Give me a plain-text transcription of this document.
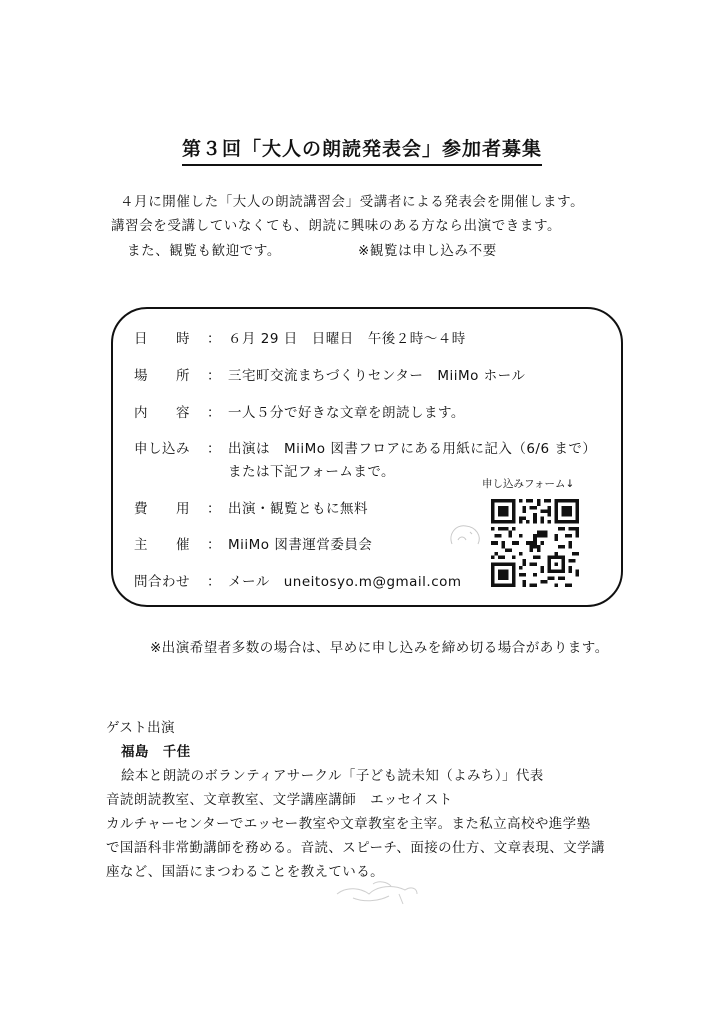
第３回「大人の朗読発表会」参加者募集
４月に開催した「大人の朗読講習会」受講者による発表会を開催します。
講習会を受講していなくても、朗読に興味のある方なら出演できます。
また、観覧も歓迎です。	※観覧は申し込み不要
日　　時 ： ６月 29 日　日曜日　午後２時～４時
場　　所 ： 三宅町交流まちづくりセンター　MiiMo ホール
内　　容 ： 一人５分で好きな文章を朗読します。
申し込み ： 出演は　MiiMo 図書フロアにある用紙に記入（6/6 まで）
または下記フォームまで。
費　　用 ： 出演・観覧ともに無料
主　　催 ： MiiMo 図書運営委員会
問合わせ ： メール　uneitosyo.m@gmail.com
申し込みフォーム↓
※出演希望者多数の場合は、早めに申し込みを締め切る場合があります。
ゲスト出演
福島　千佳
絵本と朗読のボランティアサークル「子ども読未知（よみち）」代表
音読朗読教室、文章教室、文学講座講師　エッセイスト
カルチャーセンターでエッセー教室や文章教室を主宰。また私立高校や進学塾
で国語科非常勤講師を務める。音読、スピーチ、面接の仕方、文章表現、文学講
座など、国語にまつわることを教えている。
